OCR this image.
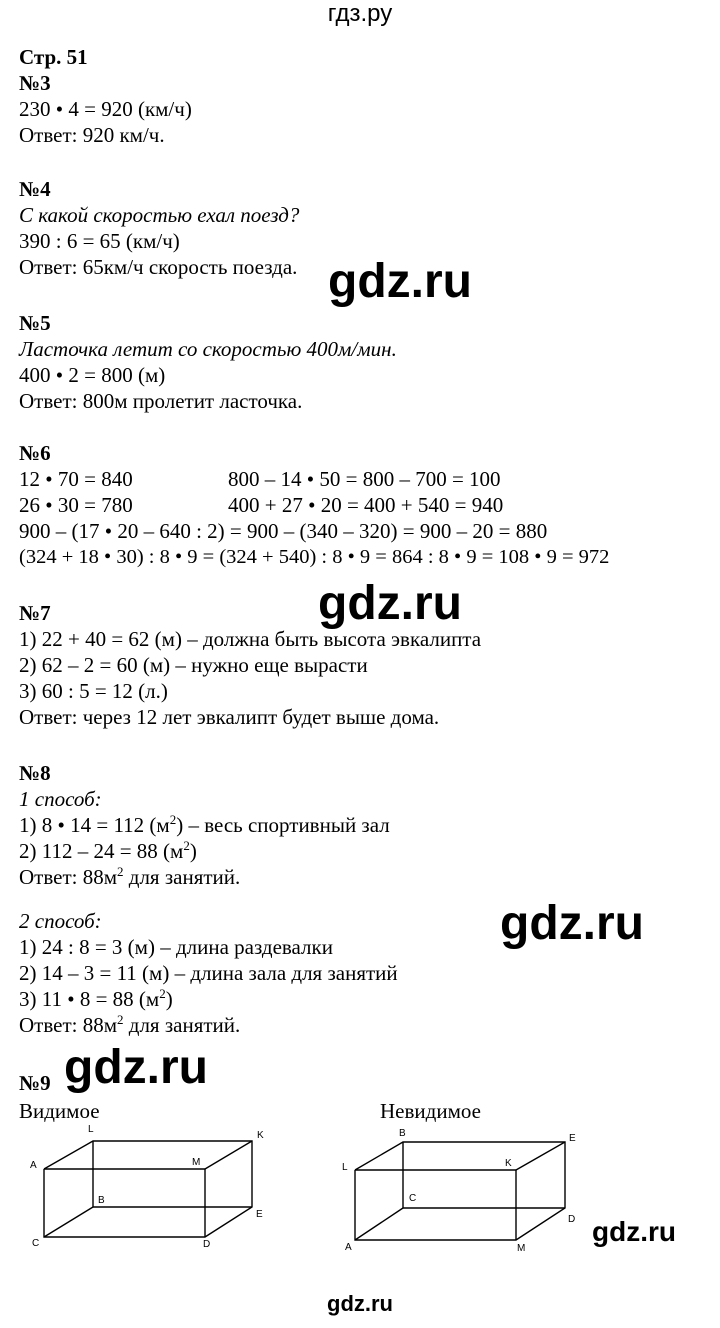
гдз.ру
Стр. 51
№3
230 • 4 = 920 (км/ч)
Ответ: 920 км/ч.
№4
С какой скоростью ехал поезд?
390 : 6 = 65 (км/ч)
Ответ: 65км/ч скорость поезда. gdz.ru
№5
Ласточка летит со скоростью 400м/мин.
400 • 2 = 800 (м)
Ответ: 800м пролетит ласточка.
№6
12 • 70 = 840	800 – 14 • 50 = 800 – 700 = 100
26 • 30 = 780	400 + 27 • 20 = 400 + 540 = 940
900 – (17 • 20 – 640 : 2) = 900 – (340 – 320) = 900 – 20 = 880
(324 + 18 • 30) : 8 • 9 = (324 + 540) : 8 • 9 = 864 : 8 • 9 = 108 • 9 = 972
gdz.ru
№7
1) 22 + 40 = 62 (м) – должна быть высота эвкалипта
2) 62 – 2 = 60 (м) – нужно еще вырасти
3) 60 : 5 = 12 (л.)
Ответ: через 12 лет эвкалипт будет выше дома.
№8
1 способ:
1) 8 • 14 = 112 $(м^2)$ – весь спортивный зал
2) 112 – 24 = 88 $(м^2)$
Ответ: $88м^2$ для занятий.
2 способ:
1) 24 : 8 = 3 (м) – длина раздевалки
2) 14 – 3 = 11 (м) – длина зала для занятий
3) 11 • 8 = 88 $(м^2)$
Ответ: $88м^2$ для занятий.
gdz.ru
№9 gdz.ru
Видимое	Невидимое
A
L
K
M
B
E
C	D
B	E
L	K
C
D
A	M
gdz.ru
gdz.ru
